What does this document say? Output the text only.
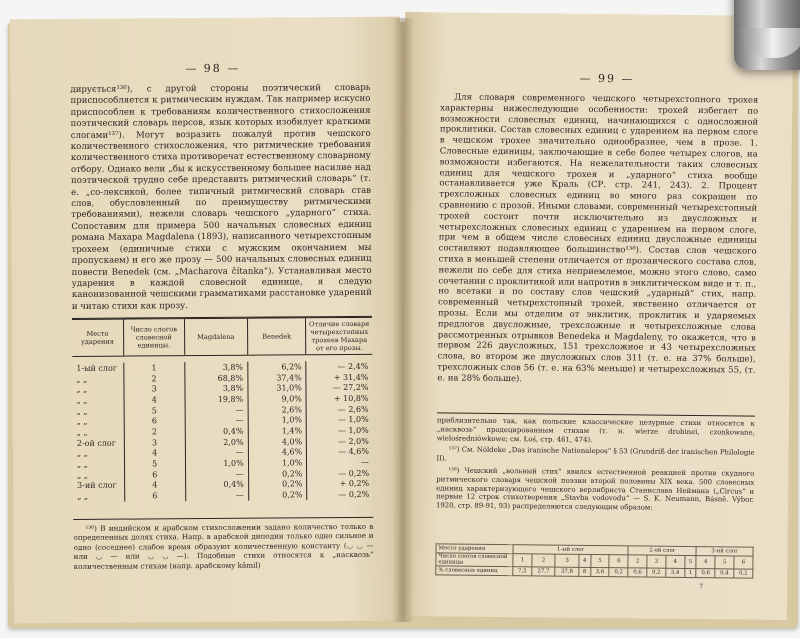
— 98 —

дирується¹³⁶), с другой стороны поэтический словарь приспособляется к ритмическим нуждам. Так например искусно приспособлен к требованиям количественного стихосложения поэтический словарь персов, язык которых изобилует краткими слогами¹³⁷). Могут возразить пожалуй против чешского количественного стихосложения, что ритмические требования количественного стиха противоречат естественному словарному отбору. Однако вели „бы к искусственному большее насилие над поэтической трудно себе представить ритмический словарь“ (т. е. „со-лексикой, более типичный ритмический словарь став слов, обусловленный по преимуществу ритмическими требованиями), нежели словарь чешского „ударного“ стиха. Сопоставим для примера 500 начальных словесных единиц романа Махара Magdalena (1893), написанного четырехстопным трохеем (единичные стихи с мужским окончанием мы пропускаем) и его же прозу — 500 начальных словесных единиц повести Benedek (см. „Macharova čítanka“). Устанавливая место ударения в каждой словесной единице, я следую канонизованной чешскими грамматиками расстановке ударений и читаю стихи как прозу.

Место ударения	Число слогов словесной единицы.	Magdalena	Benedek	Отличие словаря четырехстопных трохеев Махара от его прозы.

1-ый слог	1	3,8%	6,2%	— 2,4%
„ „	2	68,8%	37,4%	+ 31,4%
„ „	3	3,8%	31,0%	— 27,2%
„ „	4	19,8%	9,0%	+ 10,8%
„ „	5	—	2,6%	— 2,6%
„ „	6	—	1,0%	— 1,0%
„ „	2	0,4%	1,4%	— 1,0%
2-ой слог	3	2,0%	4,0%	— 2,0%
„ „	4	—	4,6%	— 4,6%
„ „	5	1,0%	1,0%	—
„ „	6	—	0,2%	— 0,2%
3-ий слог	4	0,4%	0,2%	+ 0,2%
„ „	6	—	0,2%	— 0,2%

¹³⁶) В индийском и арабском стихосложении задано количество только в определенных долях стиха. Напр. в арабской диподии только одно сильное и одно (соседнее) слабое время образуют количественную константу (◡ ◡ — или ◡ — или ◡ ◡ —). Подобные стихи относятся к „насквозь“ количественным стихам (напр. арабскому kâmil)

— 99 —

Для словаря современного чешского четырехстопного трохея характерны нижеследующие особенности: трохей избегает по возможности словесных единиц, начинающихся с односложной проклитики. Состав словесных единиц с ударением на первом слоге в чешском трохее значительно однообразнее, чем в прозе. 1. Словесные единицы, заключающие в себе более четырех слогов, на возможности избегаются. На нежелательности таких словесных единиц для чешского трохея и „ударного“ стиха вообще останавливается уже Краль (СР. стр. 241, 243). 2. Процент трехсложных словесных единиц во много раз сокращен по сравнению с прозой. Иными словами, современный четырехстопный трохей состоит почти исключительно из двусложных и четырехсложных словесных единиц с ударением на первом слоге, при чем в общем числе словесных единиц двусложные единицы составляют подавляющее большинство¹³⁸). Состав слов чешского стиха в меньшей степени отличается от прозаического состава слов, нежели по себе для стиха неприемлемое, можно этого слово, само сочетании с проклитикой или напротив в энклитическом виде и т. п., но всетаки и по составу слов чешский „ударный“ стих, напр. современный четырехстопный трохей, явственно отличается от прозы. Если мы отделим от энклитик, проклитик и ударяемых предлогов двусложные, трехсложные и четырехсложные слова рассмотренных отрывков Benedeka и Magdaleny, то окажется, что в первом 226 двусложных, 151 трехсложное и 43 четырехсложных слова, во втором же двусложных слов 311 (т. е. на 37% больше), трехсложных слов 56 (т. е. на 63% меньше) и четырехсложных 55, (т. е. на 28% больше).

приблизительно так, как польские классические цезурные стихи относятся к „насквозь“ продецированным стихам (т. н. wierze drobinei, czonkowane, wielośredniówkowe; см. Łoś, стр. 461, 474).

¹³⁷) См. Nöldeke „Das iranische Nationalepos“ § 53 (Grundriß der iranischen Philologie II).

¹³⁸) Чешский „вольный стих“ явился естественной реакцией против скудного ритмического словаря чешской поэзии второй половины XIX века. 500 словесных единиц характеризующего чешского верлибриста Станислава Неймана („Circus“ и первые 12 строк стихотворения „Stavba vodovodu“ — S. K. Neumann, Básně. Výbor. 1920, стр. 89-91, 93) распределяются следующим образом:

Место ударения	1-ый слог						2-ой слог				3-ий слог		
Число слогов словесной единицы	1	2	3	4	5	6	2	3	4	5	4	5	6
% словесных единиц	7,2	27,7	37,8	8	3,6	0,2	0,6	9,2	3,4	1	0,6	0,4	0,2
7
